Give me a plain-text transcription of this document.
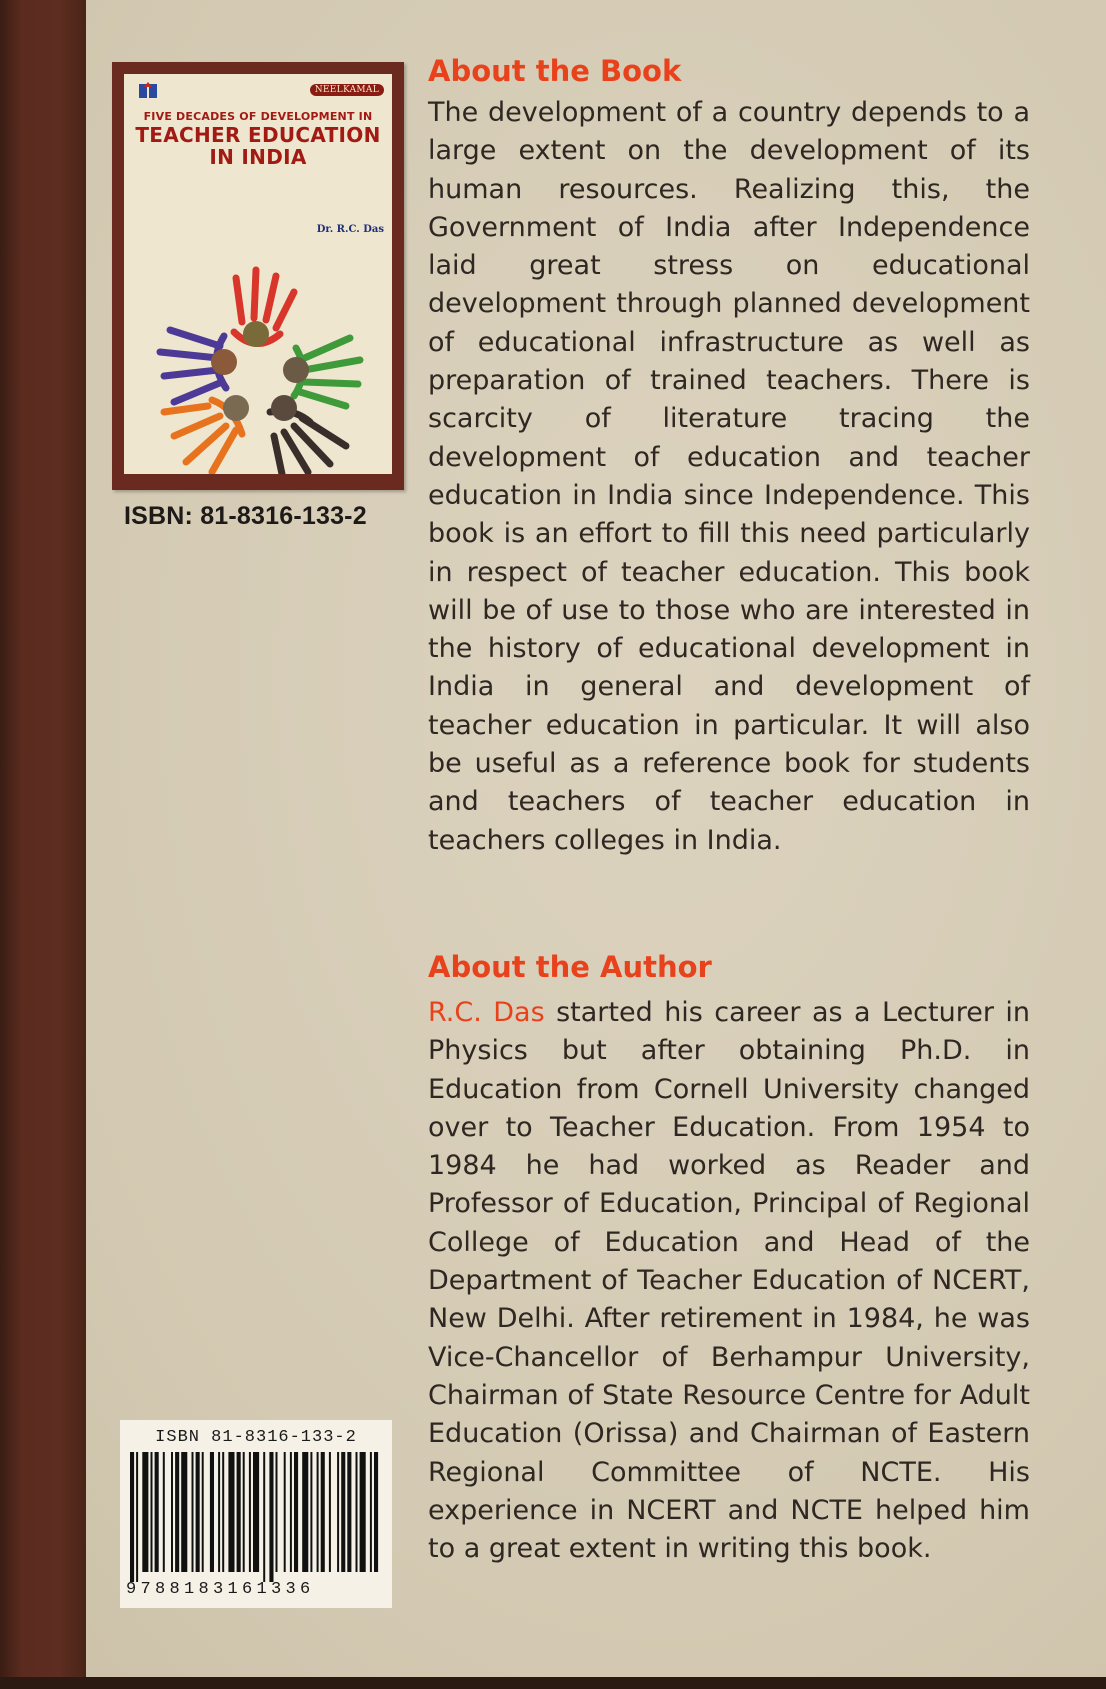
NEELKAMAL
FIVE DECADES OF DEVELOPMENT IN
TEACHER EDUCATION
IN INDIA
Dr. R.C. Das
ISBN: 81-8316-133-2
About the Book

The development of a country depends to a large extent on the development of its human resources. Realizing this, the Government of India after Independence laid great stress on educational development through planned development of educational infrastructure as well as preparation of trained teachers. There is scarcity of literature tracing the development of education and teacher education in India since Independence. This book is an effort to fill this need particularly in respect of teacher education. This book will be of use to those who are interested in the history of educational development in India in general and development of teacher education in particular. It will also be useful as a reference book for students and teachers of teacher education in teachers colleges in India.

About the Author

R.C. Das started his career as a Lecturer in Physics but after obtaining Ph.D. in Education from Cornell University changed over to Teacher Education. From 1954 to 1984 he had worked as Reader and Professor of Education, Principal of Regional College of Education and Head of the Department of Teacher Education of NCERT, New Delhi. After retirement in 1984, he was Vice-Chancellor of Berhampur University, Chairman of State Resource Centre for Adult Education (Orissa) and Chairman of Eastern Regional Committee of NCTE. His experience in NCERT and NCTE helped him to a great extent in writing this book.

ISBN 81-8316-133-2
9788183161336
